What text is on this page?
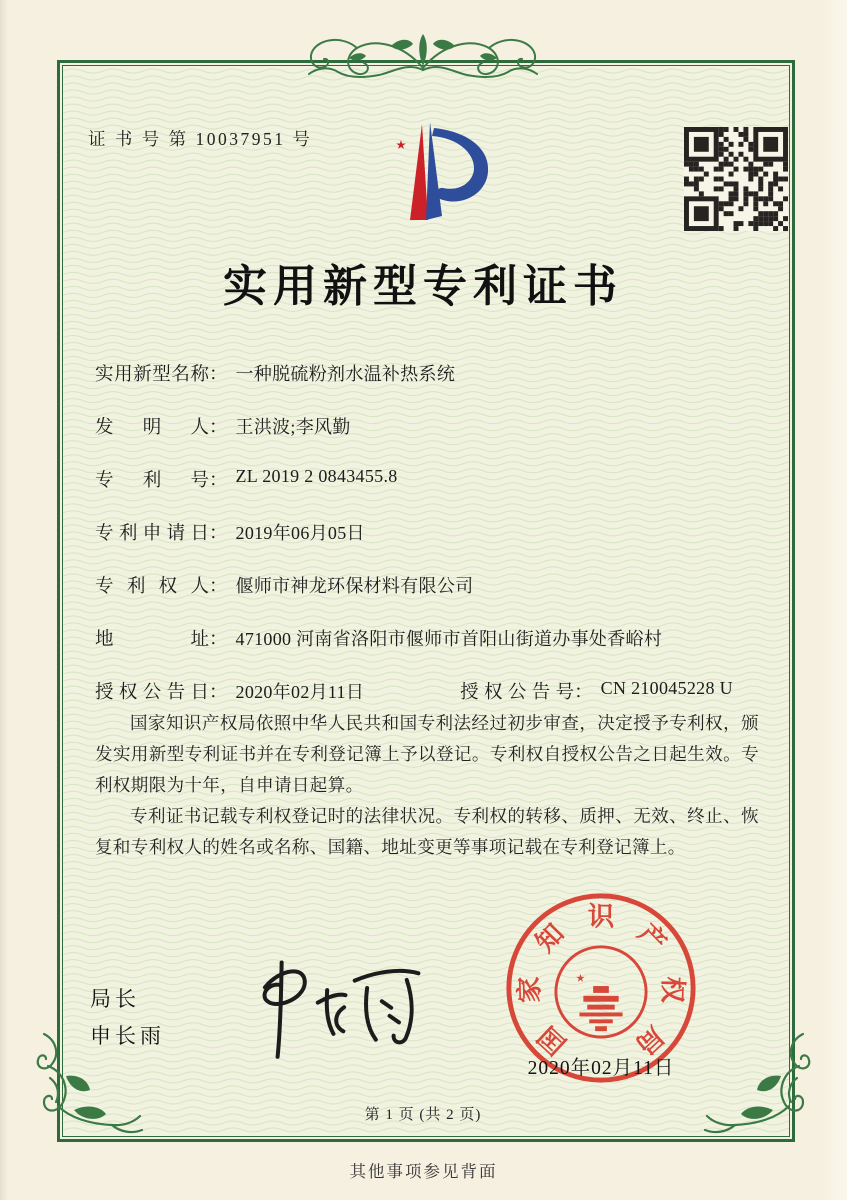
证 书 号 第 10037951 号
实用新型专利证书
实用新型名称： 一种脱硫粉剂水温补热系统
发明人： 王洪波;李风勤
专利号： ZL 2019 2 0843455.8
专利申请日： 2019年06月05日
专利权人： 偃师市神龙环保材料有限公司
地址： 471000 河南省洛阳市偃师市首阳山街道办事处香峪村
授权公告日： 2020年02月11日	授权公告号： CN 210045228 U

国家知识产权局依照中华人民共和国专利法经过初步审查，决定授予专利权，颁发实用新型专利证书并在专利登记簿上予以登记。专利权自授权公告之日起生效。专利权期限为十年，自申请日起算。

专利证书记载专利权登记时的法律状况。专利权的转移、质押、无效、终止、恢复和专利权人的姓名或名称、国籍、地址变更等事项记载在专利登记簿上。

局长
申长雨	国
家
知
识
产
权
局
2020年02月11日
第 1 页 (共 2 页)
其他事项参见背面
